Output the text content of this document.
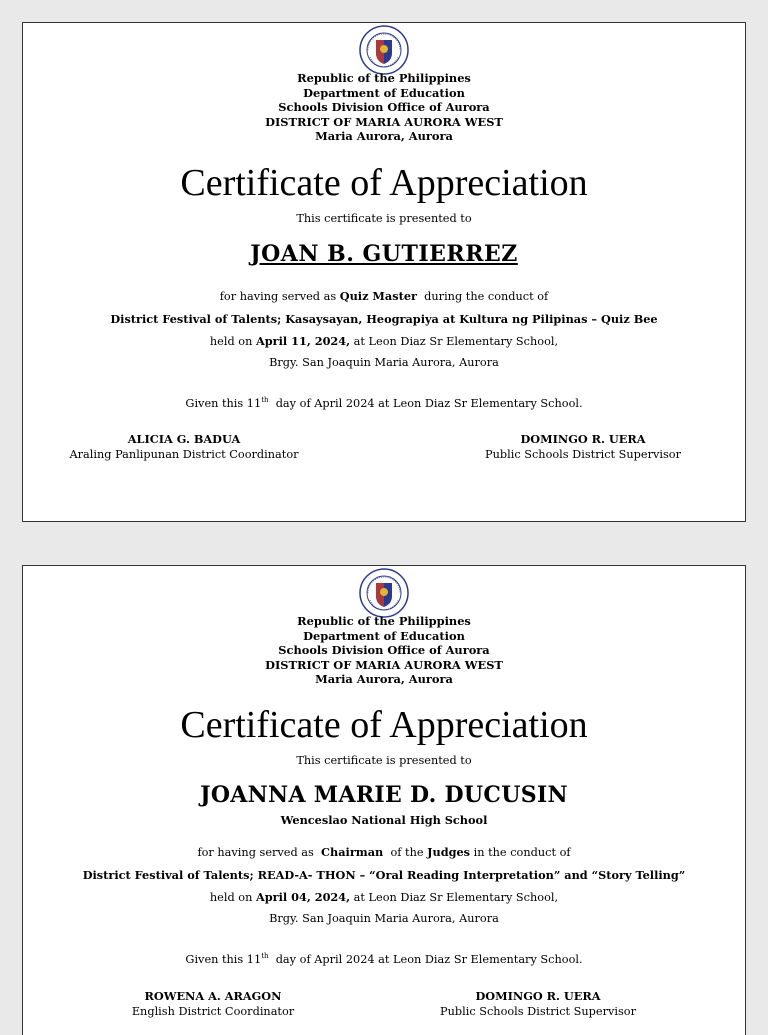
Republic of the Philippines
Department of Education
Schools Division Office of Aurora
DISTRICT OF MARIA AURORA WEST
Maria Aurora, Aurora
Certificate of Appreciation
This certificate is presented to
JOAN B. GUTIERREZ
for having served as Quiz Master  during the conduct of
District Festival of Talents; Kasaysayan, Heograpiya at Kultura ng Pilipinas – Quiz Bee
held on April 11, 2024, at Leon Diaz Sr Elementary School,
Brgy. San Joaquin Maria Aurora, Aurora
Given this 11th  day of April 2024 at Leon Diaz Sr Elementary School.
ALICIA G. BADUA
Araling Panlipunan District Coordinator
DOMINGO R. UERA
Public Schools District Supervisor
Republic of the Philippines
Department of Education
Schools Division Office of Aurora
DISTRICT OF MARIA AURORA WEST
Maria Aurora, Aurora
Certificate of Appreciation
This certificate is presented to
JOANNA MARIE D. DUCUSIN
Wenceslao National High School
for having served as  Chairman  of the Judges in the conduct of
District Festival of Talents; READ-A- THON – “Oral Reading Interpretation” and “Story Telling”
held on April 04, 2024, at Leon Diaz Sr Elementary School,
Brgy. San Joaquin Maria Aurora, Aurora
Given this 11th  day of April 2024 at Leon Diaz Sr Elementary School.
ROWENA A. ARAGON
English District Coordinator
DOMINGO R. UERA
Public Schools District Supervisor
